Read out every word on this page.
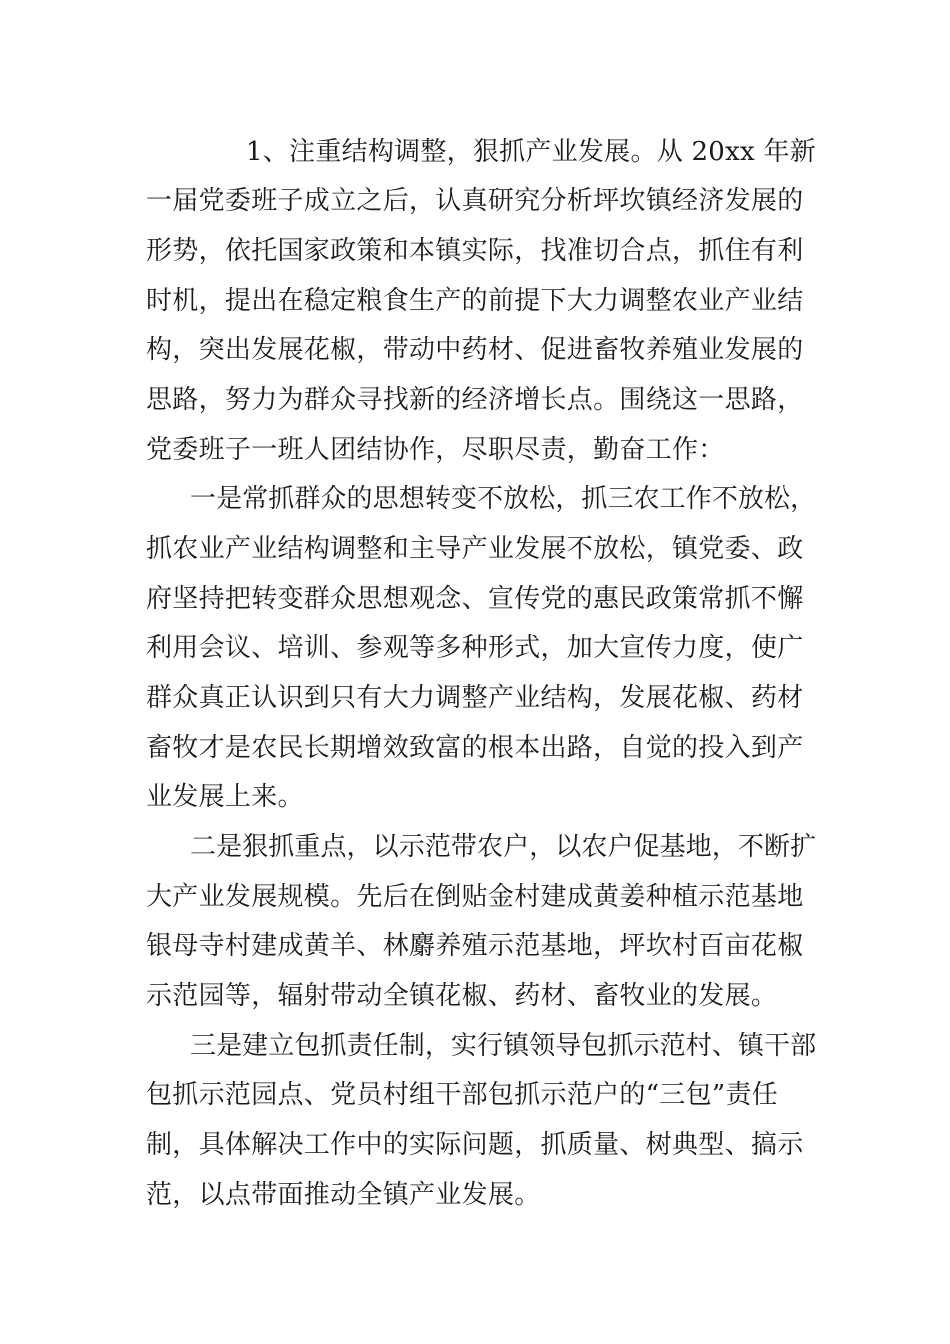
1、注重结构调整，狠抓产业发展。从 20xx 年新
一届党委班子成立之后，认真研究分析坪坎镇经济发展的
形势，依托国家政策和本镇实际，找准切合点，抓住有利
时机，提出在稳定粮食生产的前提下大力调整农业产业结
构，突出发展花椒，带动中药材、促进畜牧养殖业发展的
思路，努力为群众寻找新的经济增长点。围绕这一思路，
党委班子一班人团结协作，尽职尽责，勤奋工作：
一是常抓群众的思想转变不放松，抓三农工作不放松，
抓农业产业结构调整和主导产业发展不放松，镇党委、政
府坚持把转变群众思想观念、宣传党的惠民政策常抓不懈
利用会议、培训、参观等多种形式，加大宣传力度，使广
群众真正认识到只有大力调整产业结构，发展花椒、药材
畜牧才是农民长期增效致富的根本出路，自觉的投入到产
业发展上来。
二是狠抓重点，以示范带农户，以农户促基地，不断扩
大产业发展规模。先后在倒贴金村建成黄姜种植示范基地
银母寺村建成黄羊、林麝养殖示范基地，坪坎村百亩花椒
示范园等，辐射带动全镇花椒、药材、畜牧业的发展。
三是建立包抓责任制，实行镇领导包抓示范村、镇干部
包抓示范园点、党员村组干部包抓示范户的“三包”责任
制，具体解决工作中的实际问题，抓质量、树典型、搞示
范，以点带面推动全镇产业发展。
